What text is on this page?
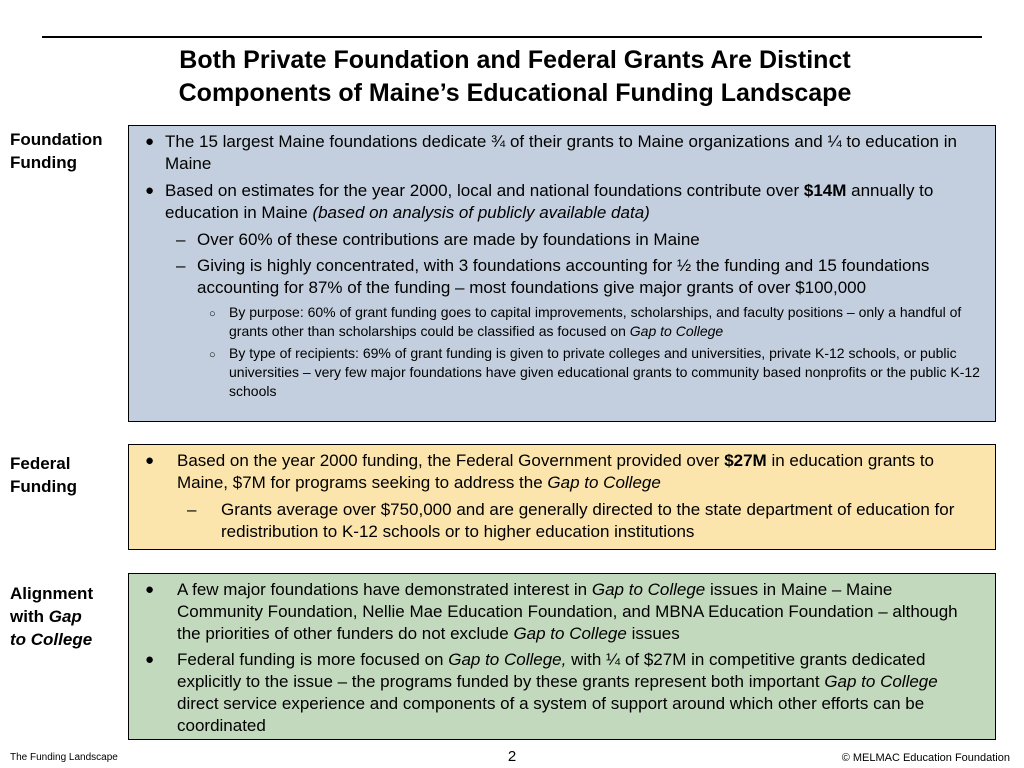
Both Private Foundation and Federal Grants Are Distinct
Components of Maine’s Educational Funding Landscape
Foundation
Funding
● The 15 largest Maine foundations dedicate ¾ of their grants to Maine organizations and ¼ to education in Maine
● Based on estimates for the year 2000, local and national foundations contribute over $14M annually to education in Maine (based on analysis of publicly available data)
– Over 60% of these contributions are made by foundations in Maine
– Giving is highly concentrated, with 3 foundations accounting for ½ the funding and 15 foundations accounting for 87% of the funding – most foundations give major grants of over $100,000
○ By purpose: 60% of grant funding goes to capital improvements, scholarships, and faculty positions – only a handful of grants other than scholarships could be classified as focused on Gap to College
○ By type of recipients: 69% of grant funding is given to private colleges and universities, private K-12 schools, or public universities – very few major foundations have given educational grants to community based nonprofits or the public K-12 schools
Federal
Funding
● Based on the year 2000 funding, the Federal Government provided over $27M in education grants to Maine, $7M for programs seeking to address the Gap to College
– Grants average over $750,000 and are generally directed to the state department of education for redistribution to K-12 schools or to higher education institutions
Alignment
with Gap
to College
● A few major foundations have demonstrated interest in Gap to College issues in Maine – Maine Community Foundation, Nellie Mae Education Foundation, and MBNA Education Foundation – although the priorities of other funders do not exclude Gap to College issues
● Federal funding is more focused on Gap to College, with ¼ of $27M in competitive grants dedicated explicitly to the issue – the programs funded by these grants represent both important Gap to College direct service experience and components of a system of support around which other efforts can be coordinated
The Funding Landscape	2	© MELMAC Education Foundation
